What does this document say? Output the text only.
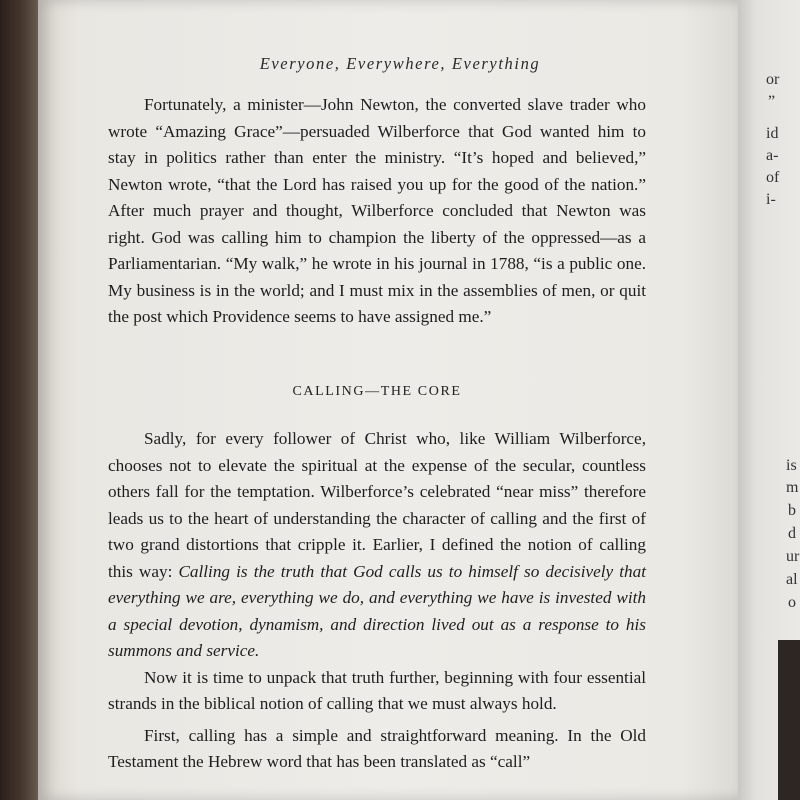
or
”
id
a-
of
i-
is
m
b
d
ur
al
o
Everyone, Everywhere, Everything

Fortunately, a minister—John Newton, the converted slave trader who wrote “Amazing Grace”—persuaded Wilberforce that God wanted him to stay in politics rather than enter the ministry. “It’s hoped and believed,” Newton wrote, “that the Lord has raised you up for the good of the nation.” After much prayer and thought, Wilberforce concluded that Newton was right. God was calling him to champion the liberty of the oppressed—as a Parliamentarian. “My walk,” he wrote in his journal in 1788, “is a public one. My business is in the world; and I must mix in the assemblies of men, or quit the post which Providence seems to have assigned me.”

CALLING—THE CORE

Sadly, for every follower of Christ who, like William Wilberforce, chooses not to elevate the spiritual at the expense of the secular, countless others fall for the temptation. Wilberforce’s celebrated “near miss” therefore leads us to the heart of understanding the character of calling and the first of two grand distortions that cripple it. Earlier, I defined the notion of calling this way: Calling is the truth that God calls us to himself so decisively that everything we are, everything we do, and everything we have is invested with a special devotion, dynamism, and direction lived out as a response to his summons and service.

Now it is time to unpack that truth further, beginning with four essential strands in the biblical notion of calling that we must always hold.

First, calling has a simple and straightforward meaning. In the Old Testament the Hebrew word that has been translated as “call”
